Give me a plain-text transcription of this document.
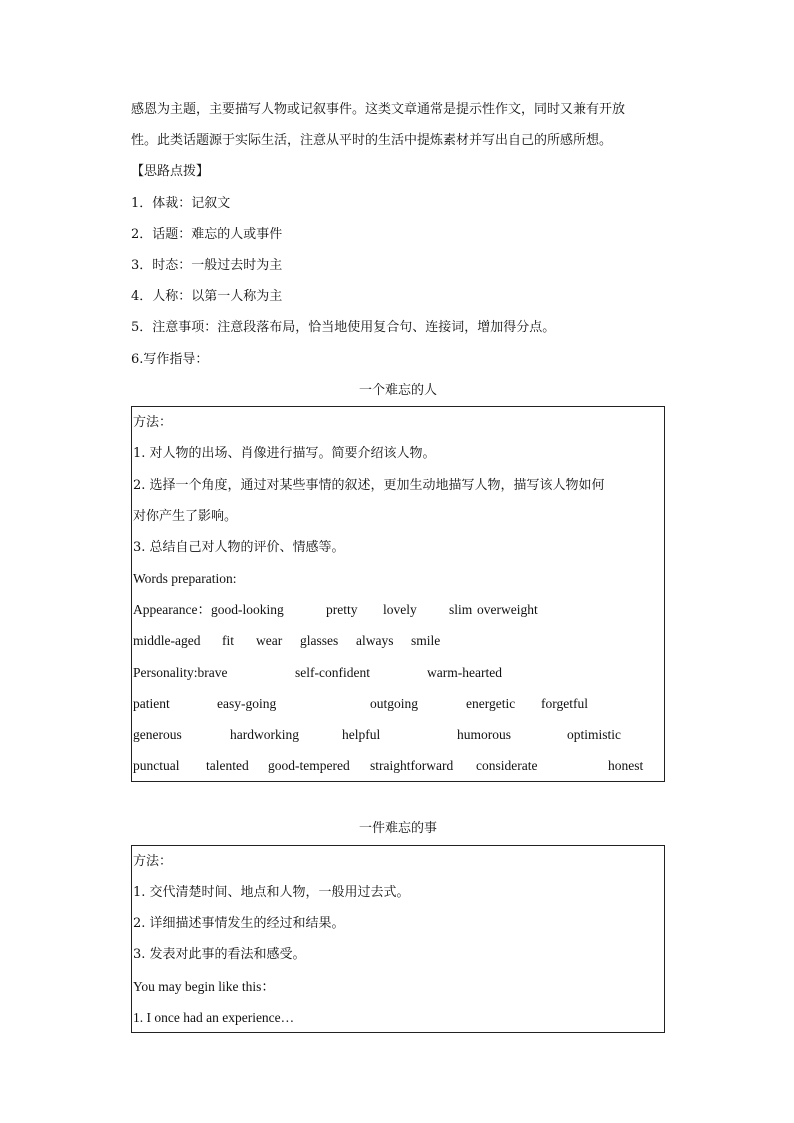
感恩为主题，主要描写人物或记叙事件。这类文章通常是提示性作文，同时又兼有开放
性。此类话题源于实际生活，注意从平时的生活中提炼素材并写出自己的所感所想。
【思路点拨】
1．体裁：记叙文
2．话题：难忘的人或事件
3．时态：一般过去时为主
4．人称：以第一人称为主
5．注意事项：注意段落布局，恰当地使用复合句、连接词，增加得分点。
6.写作指导：
一个难忘的人
方法：
1. 对人物的出场、肖像进行描写。简要介绍该人物。
2. 选择一个角度，通过对某些事情的叙述，更加生动地描写人物，描写该人物如何
对你产生了影响。
3. 总结自己对人物的评价、情感等。
Words preparation:
Appearance：good-looking	pretty lovely slim overweight
middle-aged fit wear glasses always smile
Personality:brave	self-confident	warm-hearted
patient	easy-going	outgoing	energetic forgetful
generous	hardworking	helpful	humorous	optimistic
punctual talented good-tempered straightforward considerate	honest
一件难忘的事
方法：
1. 交代清楚时间、地点和人物，一般用过去式。
2. 详细描述事情发生的经过和结果。
3. 发表对此事的看法和感受。
You may begin like this：
1. I once had an experience…
